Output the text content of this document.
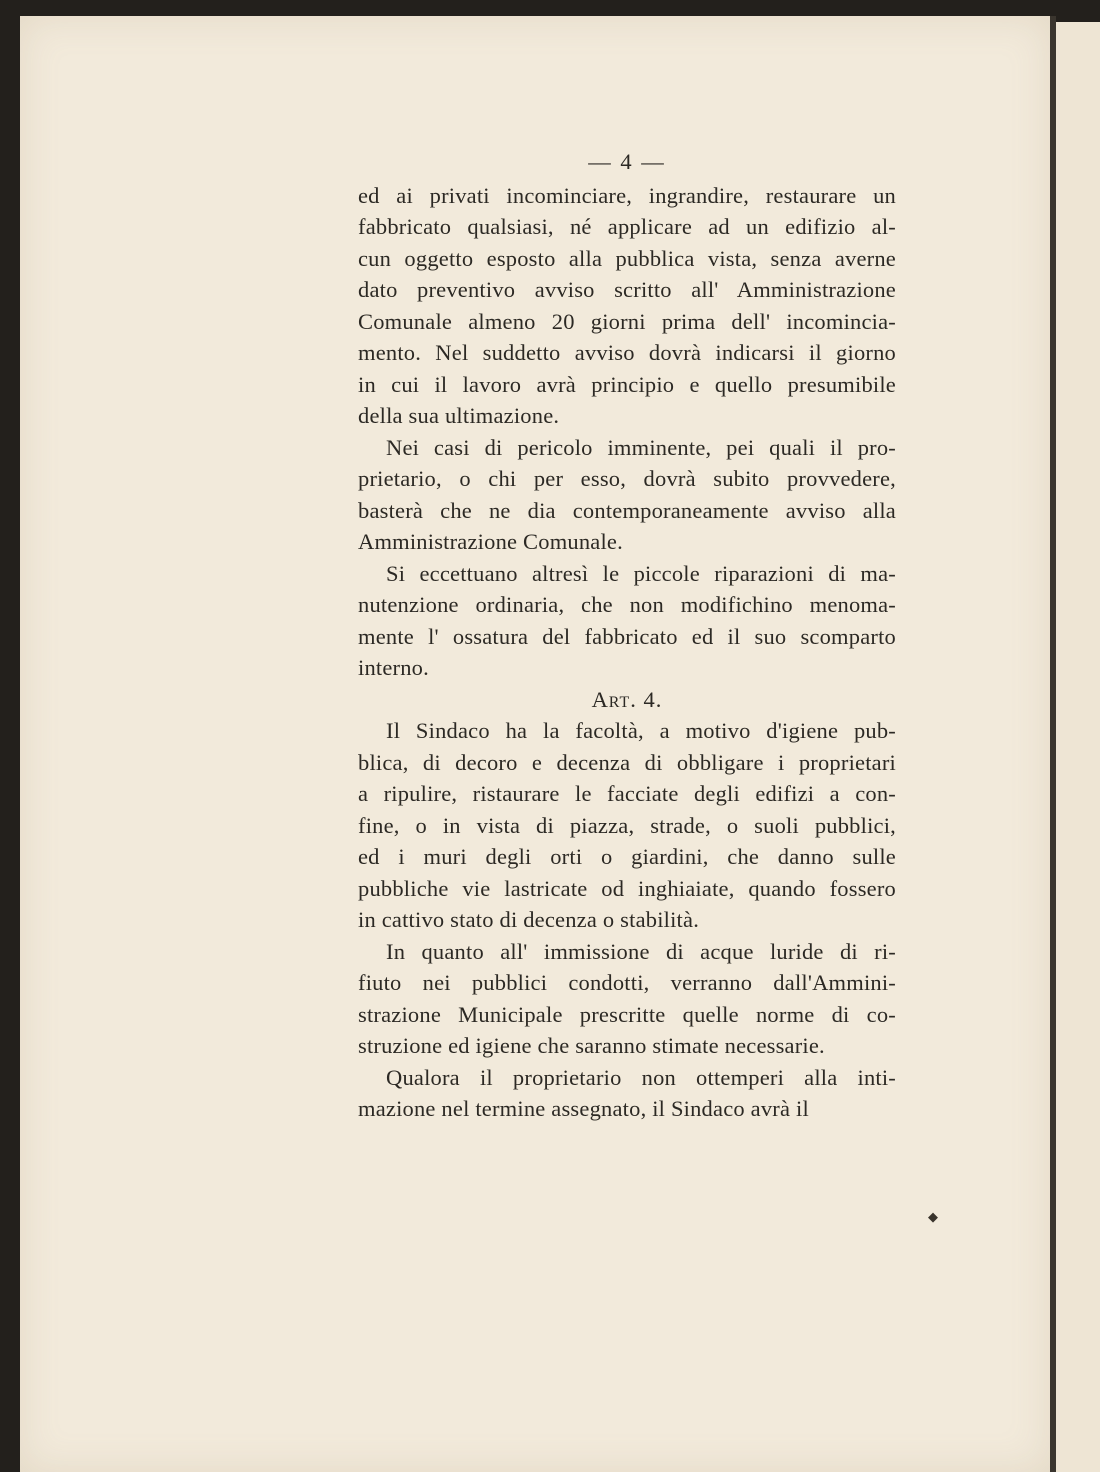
◆
— 4 —
ed ai privati incominciare, ingrandire, restaurare un
fabbricato qualsiasi, né applicare ad un edifizio al-
cun oggetto esposto alla pubblica vista, senza averne
dato preventivo avviso scritto all' Amministrazione
Comunale almeno 20 giorni prima dell' incomincia-
mento. Nel suddetto avviso dovrà indicarsi il giorno
in cui il lavoro avrà principio e quello presumibile
della sua ultimazione.
Nei casi di pericolo imminente, pei quali il pro-
prietario, o chi per esso, dovrà subito provvedere,
basterà che ne dia contemporaneamente avviso alla
Amministrazione Comunale.
Si eccettuano altresì le piccole riparazioni di ma-
nutenzione ordinaria, che non modifichino menoma-
mente l' ossatura del fabbricato ed il suo scomparto
interno.
Art. 4.
Il Sindaco ha la facoltà, a motivo d'igiene pub-
blica, di decoro e decenza di obbligare i proprietari
a ripulire, ristaurare le facciate degli edifizi a con-
fine, o in vista di piazza, strade, o suoli pubblici,
ed i muri degli orti o giardini, che danno sulle
pubbliche vie lastricate od inghiaiate, quando fossero
in cattivo stato di decenza o stabilità.
In quanto all' immissione di acque luride di ri-
fiuto nei pubblici condotti, verranno dall'Ammini-
strazione Municipale prescritte quelle norme di co-
struzione ed igiene che saranno stimate necessarie.
Qualora il proprietario non ottemperi alla inti-
mazione nel termine assegnato, il Sindaco avrà il
